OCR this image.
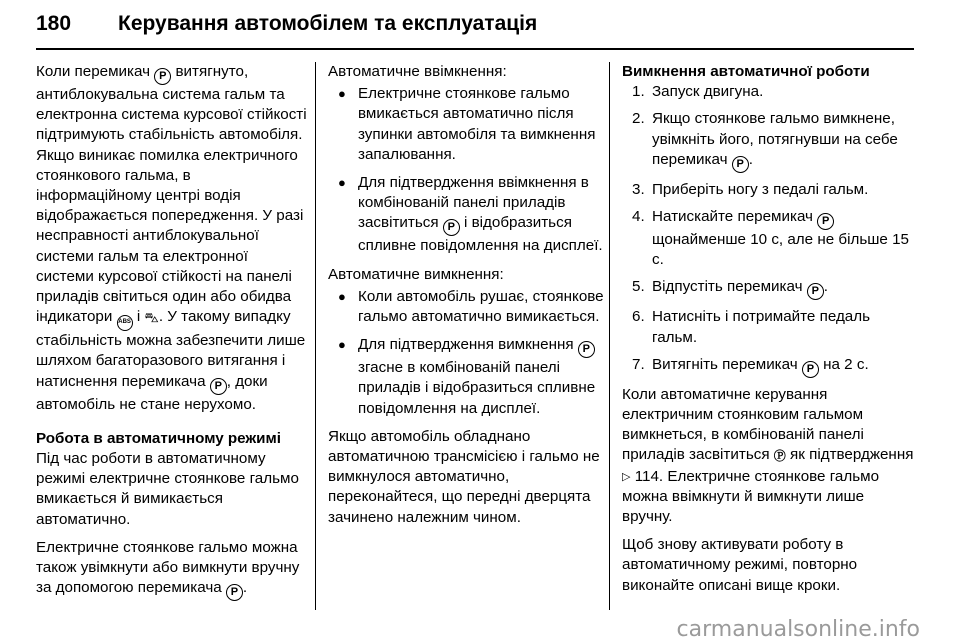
180 Керування автомобілем та експлуатація

Коли перемикач P витягнуто, антиблокувальна система гальм та електронна система курсової стійкості підтримують стабільність автомобіля. Якщо виникає помилка електричного стоянкового гальма, в інформаційному центрі водія відображається попередження. У разі несправності антиблокувальної системи гальм та електронної системи курсової стійкості на панелі приладів світиться один або обидва індикатори ABS і ⛍. У такому випадку стабільність можна забезпечити лише шляхом багаторазового витягання і натиснення перемикача P , доки автомобіль не стане нерухомо.

Робота в автоматичному режимі

Під час роботи в автоматичному режимі електричне стоянкове гальмо вмикається й вимикається автоматично.

Електричне стоянкове гальмо можна також увімкнути або вимкнути вручну за допомогою перемикача P .

Автоматичне ввімкнення:

● Електричне стоянкове гальмо вмикається автоматично після зупинки автомобіля та вимкнення запалювання.
● Для підтвердження ввімкнення в комбінованій панелі приладів засвітиться P і відобразиться спливне повідомлення на дисплеї.

Автоматичне вимкнення:

● Коли автомобіль рушає, стоянкове гальмо автоматично вимикається.
● Для підтвердження вимкнення P згасне в комбінованій панелі приладів і відобразиться спливне повідомлення на дисплеї.

Якщо автомобіль обладнано автоматичною трансмісією і гальмо не вимкнулося автоматично, переконайтеся, що передні дверцята зачинено належним чином.

Вимкнення автоматичної роботи

1. Запуск двигуна.
2. Якщо стоянкове гальмо вимкнене, увімкніть його, потягнувши на себе перемикач P .
3. Приберіть ногу з педалі гальм.
4. Натискайте перемикач P щонайменше 10 с, але не більше 15 с.
5. Відпустіть перемикач P .
6. Натисніть і потримайте педаль гальм.
7. Витягніть перемикач P на 2 с.

Коли автоматичне керування електричним стоянковим гальмом вимкнеться, в комбінованій панелі приладів засвітиться Ⓟ як підтвердження ▷ 114. Електричне стоянкове гальмо можна ввімкнути й вимкнути лише вручну.

Щоб знову активувати роботу в автоматичному режимі, повторно виконайте описані вище кроки.

carmanualsonline.info
